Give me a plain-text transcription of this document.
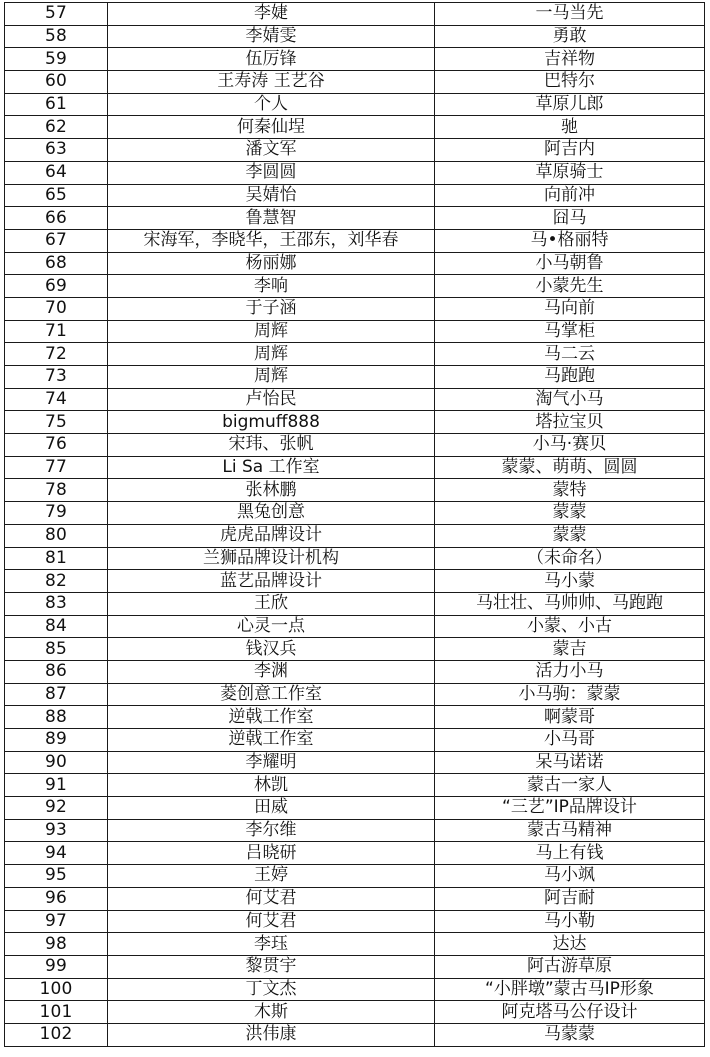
57	李婕	一马当先
58	李婧雯	勇敢
59	伍厉锋	吉祥物
60	王寿涛 王艺谷	巴特尔
61	个人	草原儿郎
62	何秦仙埕	驰
63	潘文军	阿吉内
64	李圆圆	草原骑士
65	吴婧怡	向前冲
66	鲁慧智	囧马
67	宋海军，李晓华，王邵东，刘华春	马•格丽特
68	杨丽娜	小马朝鲁
69	李响	小蒙先生
70	于子涵	马向前
71	周辉	马掌柜
72	周辉	马二云
73	周辉	马跑跑
74	卢怡民	淘气小马
75	bigmuff888	塔拉宝贝
76	宋玮、张帆	小马·赛贝
77	Li Sa 工作室	蒙蒙、萌萌、圆圆
78	张林鹏	蒙特
79	黑兔创意	蒙蒙
80	虎虎品牌设计	蒙蒙
81	兰狮品牌设计机构	（未命名）
82	蓝艺品牌设计	马小蒙
83	王欣	马壮壮、马帅帅、马跑跑
84	心灵一点	小蒙、小古
85	钱汉兵	蒙吉
86	李渊	活力小马
87	菱创意工作室	小马驹：蒙蒙
88	逆戟工作室	啊蒙哥
89	逆戟工作室	小马哥
90	李耀明	呆马诺诺
91	林凯	蒙古一家人
92	田威	“三艺”IP品牌设计
93	李尔维	蒙古马精神
94	吕晓研	马上有钱
95	王婷	马小飒
96	何艾君	阿吉耐
97	何艾君	马小勒
98	李珏	达达
99	黎贯宇	阿古游草原
100	丁文杰	“小胖墩”蒙古马IP形象
101	木斯	阿克塔马公仔设计
102	洪伟康	马蒙蒙
